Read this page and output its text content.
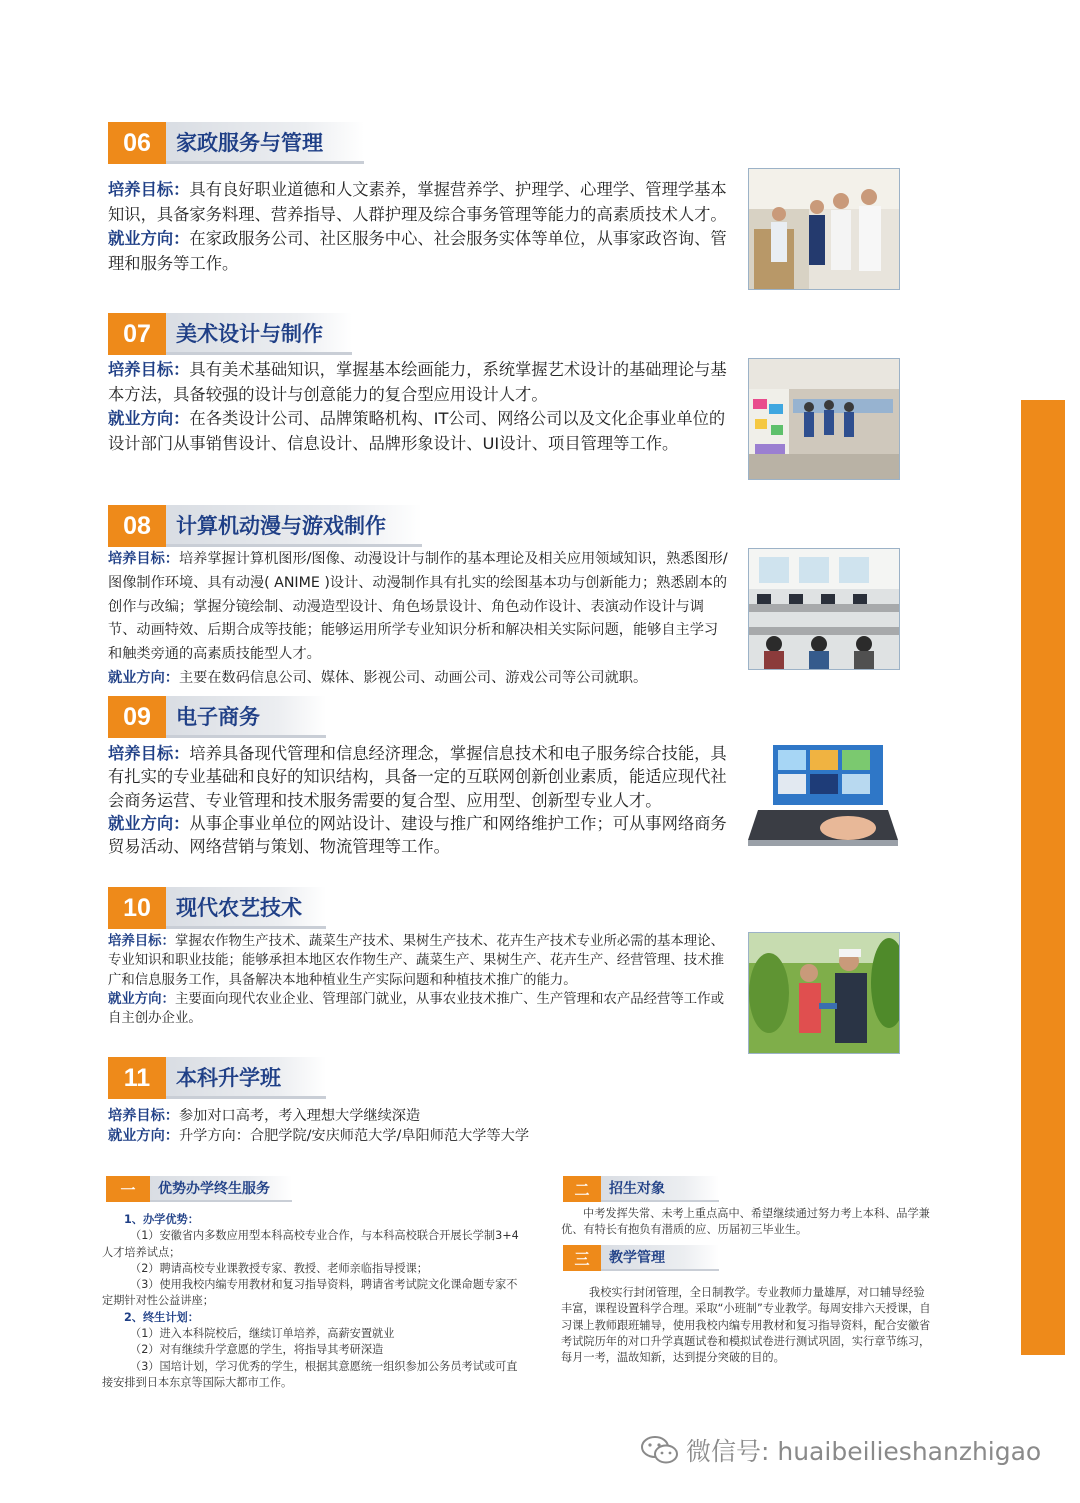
06	家政服务与管理

培养目标：具有良好职业道德和人文素养，掌握营养学、护理学、心理学、管理学基本知识，具备家务料理、营养指导、人群护理及综合事务管理等能力的高素质技术人才。

就业方向：在家政服务公司、社区服务中心、社会服务实体等单位，从事家政咨询、管理和服务等工作。

07	美术设计与制作

培养目标：具有美术基础知识，掌握基本绘画能力，系统掌握艺术设计的基础理论与基本方法，具备较强的设计与创意能力的复合型应用设计人才。

就业方向：在各类设计公司、品牌策略机构、IT公司、网络公司以及文化企事业单位的设计部门从事销售设计、信息设计、品牌形象设计、UI设计、项目管理等工作。

08	计算机动漫与游戏制作

培养目标：培养掌握计算机图形/图像、动漫设计与制作的基本理论及相关应用领域知识，熟悉图形/图像制作环境、具有动漫( ANIME )设计、动漫制作具有扎实的绘图基本功与创新能力；熟悉剧本的创作与改编；掌握分镜绘制、动漫造型设计、角色场景设计、角色动作设计、表演动作设计与调节、动画特效、后期合成等技能；能够运用所学专业知识分析和解决相关实际问题，能够自主学习和触类旁通的高素质技能型人才。

就业方向：主要在数码信息公司、媒体、影视公司、动画公司、游戏公司等公司就职。

09	电子商务

培养目标：培养具备现代管理和信息经济理念，掌握信息技术和电子服务综合技能，具有扎实的专业基础和良好的知识结构，具备一定的互联网创新创业素质，能适应现代社会商务运营、专业管理和技术服务需要的复合型、应用型、创新型专业人才。

就业方向：从事企事业单位的网站设计、建设与推广和网络维护工作；可从事网络商务贸易活动、网络营销与策划、物流管理等工作。

10	现代农艺技术

培养目标：掌握农作物生产技术、蔬菜生产技术、果树生产技术、花卉生产技术专业所必需的基本理论、专业知识和职业技能；能够承担本地区农作物生产、蔬菜生产、果树生产、花卉生产、经营管理、技术推广和信息服务工作，具备解决本地种植业生产实际问题和种植技术推广的能力。

就业方向：主要面向现代农业企业、管理部门就业，从事农业技术推广、生产管理和农产品经营等工作或自主创办企业。

11	本科升学班

培养目标：参加对口高考，考入理想大学继续深造

就业方向：升学方向：合肥学院/安庆师范大学/阜阳师范大学等大学

一	优势办学终生服务

1、办学优势：

（1）安徽省内多数应用型本科高校专业合作，与本科高校联合开展长学制3+4人才培养试点；

（2）聘请高校专业课教授专家、教授、老师亲临指导授课；

（3）使用我校内编专用教材和复习指导资料，聘请省考试院文化课命题专家不定期针对性公益讲座；

2、终生计划：

（1）进入本科院校后，继续订单培养，高薪安置就业

（2）对有继续升学意愿的学生，将指导其考研深造

（3）国培计划，学习优秀的学生，根据其意愿统一组织参加公务员考试或可直接安排到日本东京等国际大都市工作。

二	招生对象
中考发挥失常、未考上重点高中、希望继续通过努力考上本科、品学兼优、有特长有抱负有潜质的应、历届初三毕业生。
三	教学管理
我校实行封闭管理，全日制教学。专业教师力量雄厚，对口辅导经验丰富，课程设置科学合理。采取“小班制”专业教学。每周安排六天授课，自习课上教师跟班辅导，使用我校内编专用教材和复习指导资料，配合安徽省考试院历年的对口升学真题试卷和模拟试卷进行测试巩固，实行章节练习，每月一考，温故知新，达到提分突破的目的。
微信号: huaibeilieshanzhigao
